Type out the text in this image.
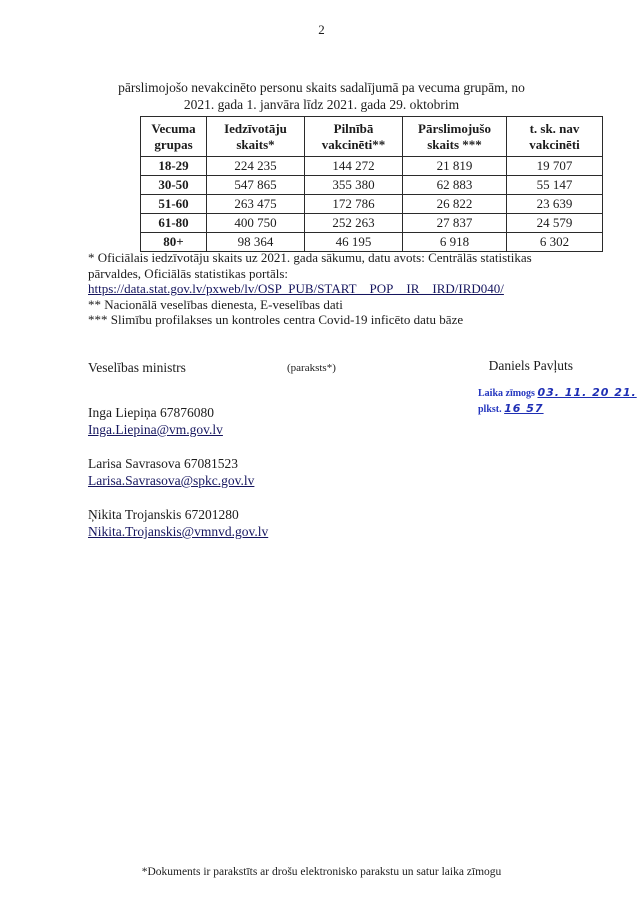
2
pārslimojošo nevakcinēto personu skaits sadalījumā pa vecuma grupām, no
2021. gada 1. janvāra līdz 2021. gada 29. oktobrim
Vecuma grupas	Iedzīvotāju skaits*	Pilnībā vakcinēti**	Pārslimojušo skaits ***	t. sk. nav vakcinēti
18-29	224 235	144 272	21 819	19 707
30-50	547 865	355 380	62 883	55 147
51-60	263 475	172 786	26 822	23 639
61-80	400 750	252 263	27 837	24 579
80+	98 364	46 195	6 918	6 302

* Oficiālais iedzīvotāju skaits uz 2021. gada sākumu, datu avots: Centrālās statistikas

pārvaldes, Oficiālās statistikas portāls:

https://data.stat.gov.lv/pxweb/lv/OSP_PUB/START__POP__IR__IRD/IRD040/

** Nacionālā veselības dienesta, E-veselības dati

*** Slimību profilakses un kontroles centra Covid-19 inficēto datu bāze

Veselības ministrs	(paraksts*)	Daniels Pavļuts
Laika zīmogs 03. 11. 20 21.
plkst. 16 57
Inga Liepiņa 67876080
Inga.Liepina@vm.gov.lv
Larisa Savrasova 67081523
Larisa.Savrasova@spkc.gov.lv
Ņikita Trojanskis 67201280
Nikita.Trojanskis@vmnvd.gov.lv
*Dokuments ir parakstīts ar drošu elektronisko parakstu un satur laika zīmogu
